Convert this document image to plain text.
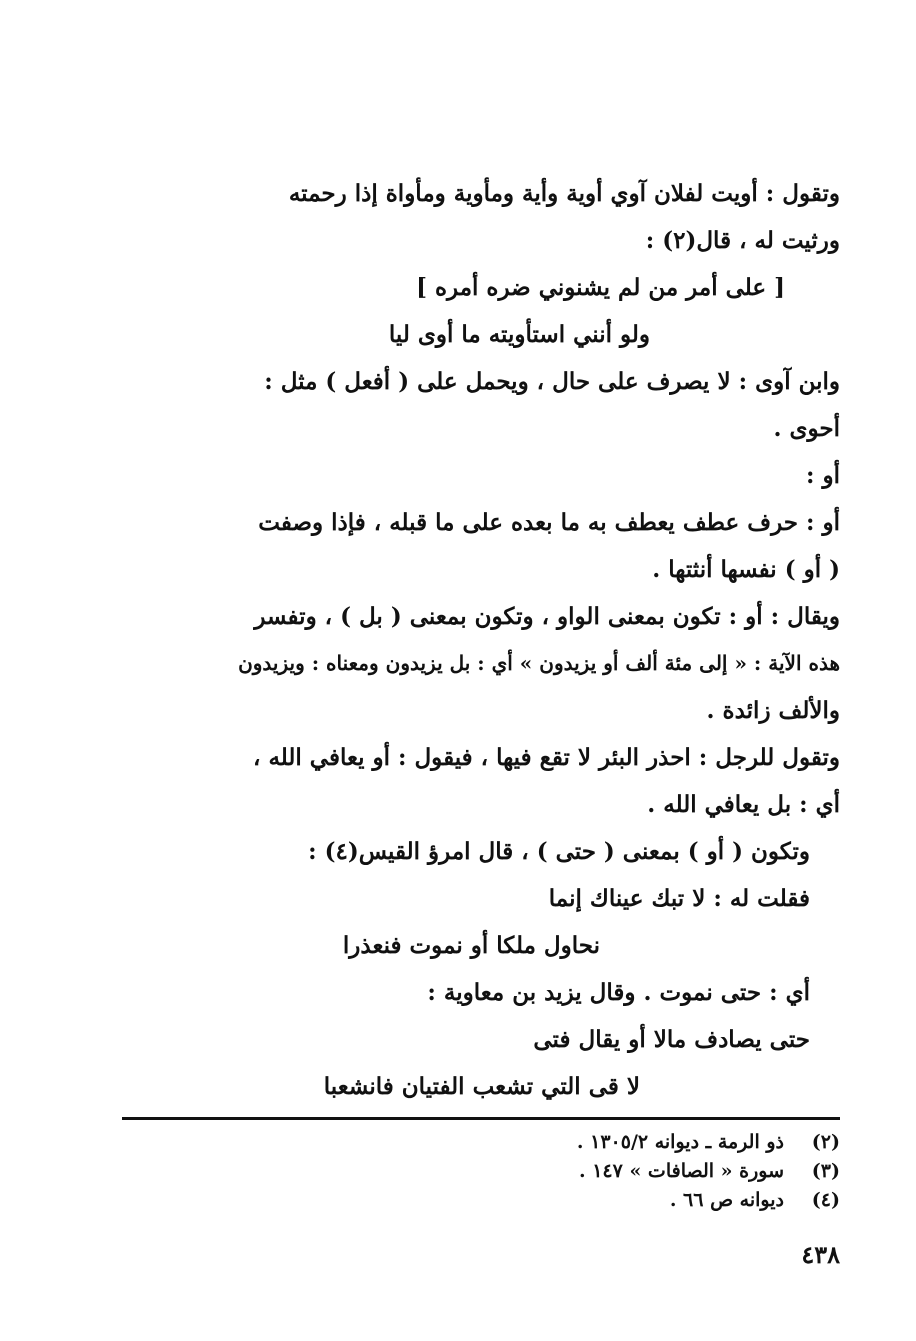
وتقول : أويت لفلان آوي أوية وأية ومأوية ومأواة إذا رحمته
ورثيت له ، قال(٢) :
[ على أمر من لم يشنوني ضره أمره ]
ولو أنني استأويته ما أوى ليا
وابن آوى : لا يصرف على حال ، ويحمل على ( أفعل ) مثل :
أحوى .
أو :
أو : حرف عطف يعطف به ما بعده على ما قبله ، فإذا وصفت
( أو ) نفسها أنثتها .
ويقال : أو : تكون بمعنى الواو ، وتكون بمعنى ( بل ) ، وتفسر
هذه الآية : « إلى مئة ألف أو يزيدون » أي : بل يزيدون ومعناه : ويزيدون
والألف زائدة .
وتقول للرجل : احذر البئر لا تقع فيها ، فيقول : أو يعافي الله ،
أي : بل يعافي الله .
وتكون ( أو ) بمعنى ( حتى ) ، قال امرؤ القيس(٤) :
فقلت له : لا تبك عيناك إنما
نحاول ملكا أو نموت فنعذرا
أي : حتى نموت . وقال يزيد بن معاوية :
حتى يصادف مالا أو يقال فتى
لا قى التي تشعب الفتيان فانشعبا
(٢)
ذو الرمة ـ ديوانه ١٣٠٥/٢ .
(٣)
سورة « الصافات » ١٤٧ .
(٤)
ديوانه ص ٦٦ .
٤٣٨
